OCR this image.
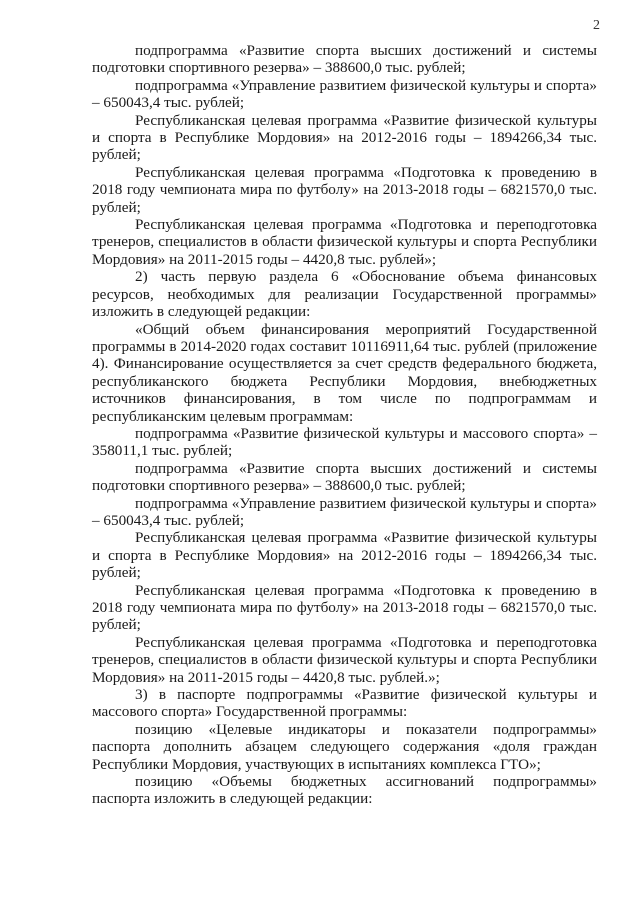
2

подпрограмма «Развитие спорта высших достижений и системы подготовки спортивного резерва» – 388600,0 тыс. рублей;

подпрограмма «Управление развитием физической культуры и спорта» – 650043,4 тыс. рублей;

Республиканская целевая программа «Развитие физической культуры и спорта в Республике Мордовия» на 2012-2016 годы – 1894266,34 тыс. рублей;

Республиканская целевая программа «Подготовка к проведению в 2018 году чемпионата мира по футболу» на 2013-2018 годы – 6821570,0 тыс. рублей;

Республиканская целевая программа «Подготовка и переподготовка тренеров, специалистов в области физической культуры и спорта Республики Мордовия» на 2011-2015 годы – 4420,8 тыс. рублей»;

2) часть первую раздела 6 «Обоснование объема финансовых ресурсов, необходимых для реализации Государственной программы» изложить в следующей редакции:

«Общий объем финансирования мероприятий Государственной программы в 2014-2020 годах составит 10116911,64 тыс. рублей (приложение 4). Финансирование осуществляется за счет средств федерального бюджета, республиканского бюджета Республики Мордовия, внебюджетных источников финансирования, в том числе по подпрограммам и республиканским целевым программам:

подпрограмма «Развитие физической культуры и массового спорта» – 358011,1 тыс. рублей;

подпрограмма «Развитие спорта высших достижений и системы подготовки спортивного резерва» – 388600,0 тыс. рублей;

подпрограмма «Управление развитием физической культуры и спорта» – 650043,4 тыс. рублей;

Республиканская целевая программа «Развитие физической культуры и спорта в Республике Мордовия» на 2012-2016 годы – 1894266,34 тыс. рублей;

Республиканская целевая программа «Подготовка к проведению в 2018 году чемпионата мира по футболу» на 2013-2018 годы – 6821570,0 тыс. рублей;

Республиканская целевая программа «Подготовка и переподготовка тренеров, специалистов в области физической культуры и спорта Республики Мордовия» на 2011-2015 годы – 4420,8 тыс. рублей.»;

3) в паспорте подпрограммы «Развитие физической культуры и массового спорта» Государственной программы:

позицию «Целевые индикаторы и показатели подпрограммы» паспорта дополнить абзацем следующего содержания «доля граждан Республики Мордовия, участвующих в испытаниях комплекса ГТО»;

позицию «Объемы бюджетных ассигнований подпрограммы» паспорта изложить в следующей редакции:
